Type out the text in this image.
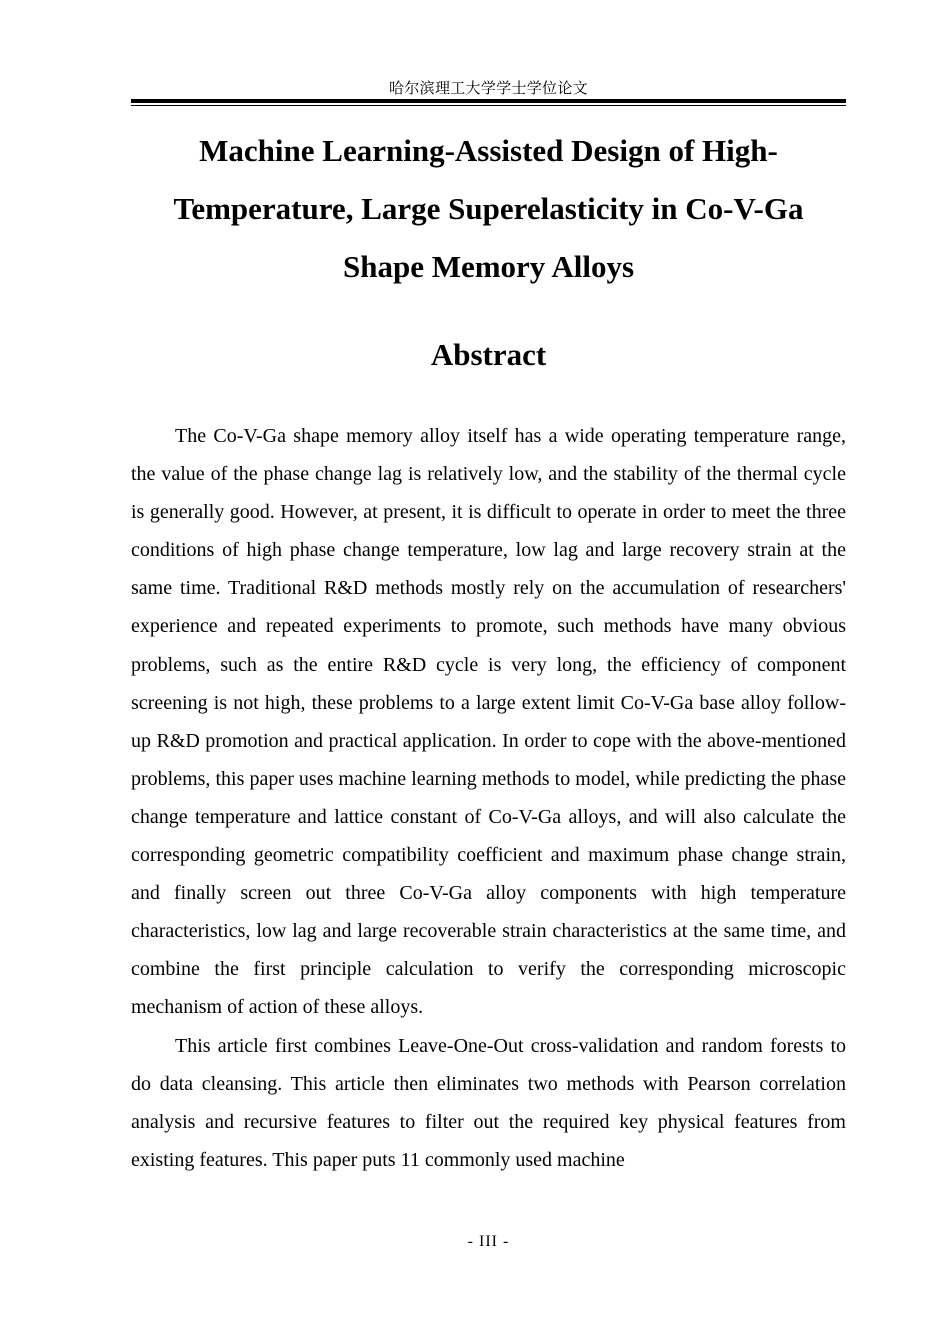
哈尔滨理工大学学士学位论文
Machine Learning-Assisted Design of High-Temperature, Large Superelasticity in Co-V-Ga Shape Memory Alloys
Abstract

The Co-V-Ga shape memory alloy itself has a wide operating temperature range, the value of the phase change lag is relatively low, and the stability of the thermal cycle is generally good. However, at present, it is difficult to operate in order to meet the three conditions of high phase change temperature, low lag and large recovery strain at the same time. Traditional R&D methods mostly rely on the accumulation of researchers' experience and repeated experiments to promote, such methods have many obvious problems, such as the entire R&D cycle is very long, the efficiency of component screening is not high, these problems to a large extent limit Co-V-Ga base alloy follow-up R&D promotion and practical application. In order to cope with the above-mentioned problems, this paper uses machine learning methods to model, while predicting the phase change temperature and lattice constant of Co-V-Ga alloys, and will also calculate the corresponding geometric compatibility coefficient and maximum phase change strain, and finally screen out three Co-V-Ga alloy components with high temperature characteristics, low lag and large recoverable strain characteristics at the same time, and combine the first principle calculation to verify the corresponding microscopic mechanism of action of these alloys.

This article first combines Leave-One-Out cross-validation and random forests to do data cleansing. This article then eliminates two methods with Pearson correlation analysis and recursive features to filter out the required key physical features from existing features. This paper puts 11 commonly used machine

- III -
